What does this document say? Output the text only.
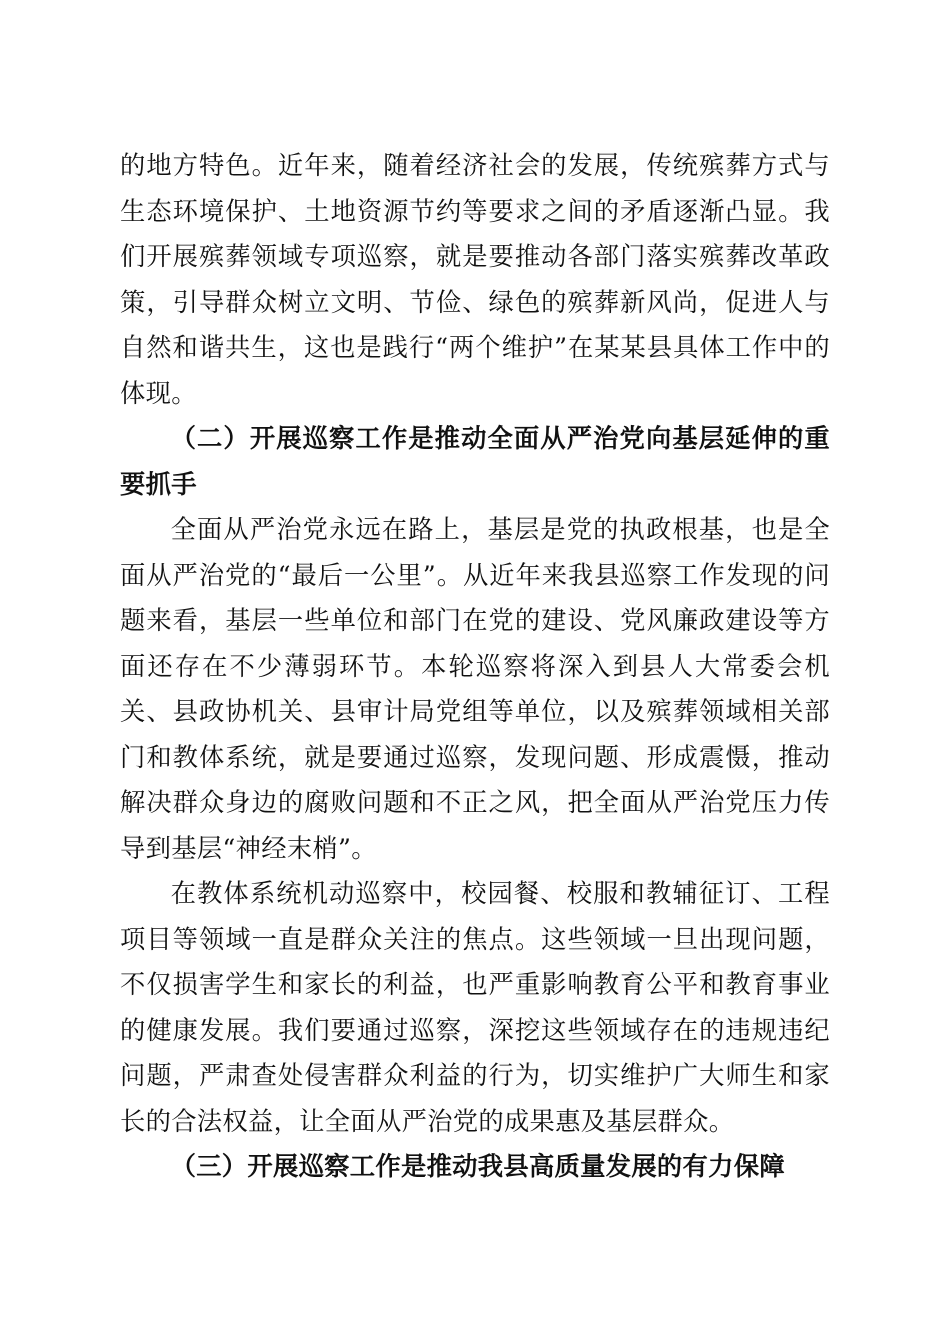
的地方特色。近年来，随着经济社会的发展，传统殡葬方式与生态环境保护、土地资源节约等要求之间的矛盾逐渐凸显。我们开展殡葬领域专项巡察，就是要推动各部门落实殡葬改革政策，引导群众树立文明、节俭、绿色的殡葬新风尚，促进人与自然和谐共生，这也是践行“两个维护”在某某县具体工作中的体现。

（二）开展巡察工作是推动全面从严治党向基层延伸的重要抓手

全面从严治党永远在路上，基层是党的执政根基，也是全面从严治党的“最后一公里”。从近年来我县巡察工作发现的问题来看，基层一些单位和部门在党的建设、党风廉政建设等方面还存在不少薄弱环节。本轮巡察将深入到县人大常委会机关、县政协机关、县审计局党组等单位，以及殡葬领域相关部门和教体系统，就是要通过巡察，发现问题、形成震慑，推动解决群众身边的腐败问题和不正之风，把全面从严治党压力传导到基层“神经末梢”。

在教体系统机动巡察中，校园餐、校服和教辅征订、工程项目等领域一直是群众关注的焦点。这些领域一旦出现问题，不仅损害学生和家长的利益，也严重影响教育公平和教育事业的健康发展。我们要通过巡察，深挖这些领域存在的违规违纪问题，严肃查处侵害群众利益的行为，切实维护广大师生和家长的合法权益，让全面从严治党的成果惠及基层群众。

（三）开展巡察工作是推动我县高质量发展的有力保障
